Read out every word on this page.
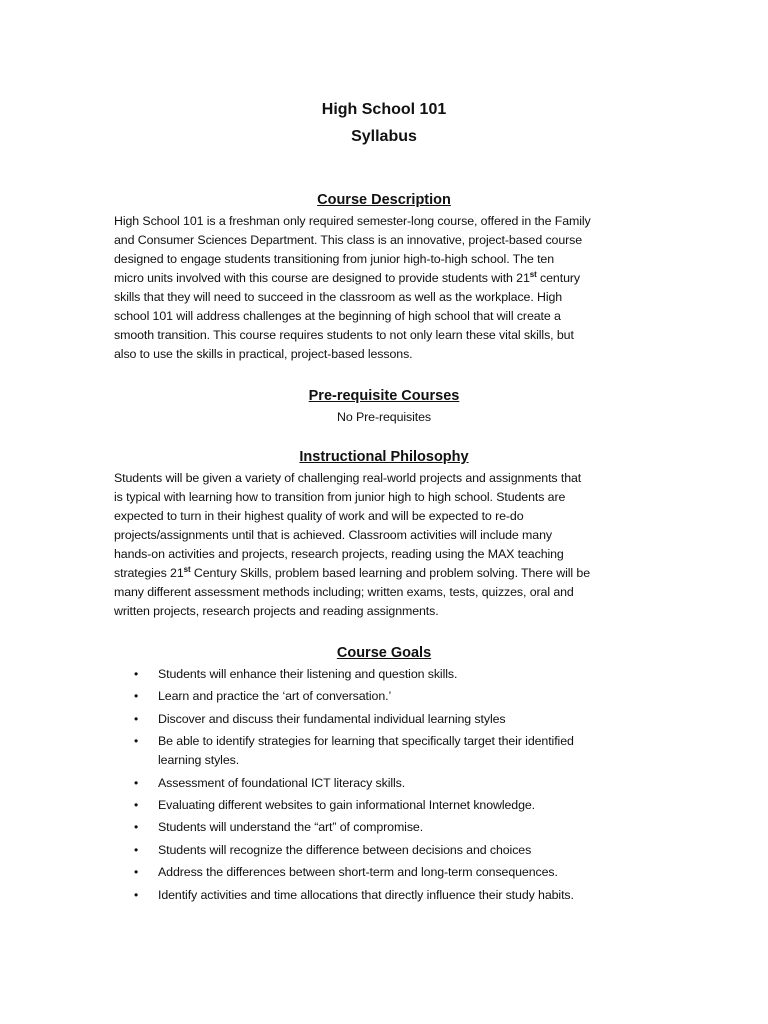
High School 101

Syllabus

Course Description

High School 101 is a freshman only required semester-long course, offered in the Family
and Consumer Sciences Department. This class is an innovative, project-based course
designed to engage students transitioning from junior high-to-high school. The ten
micro units involved with this course are designed to provide students with 21st century
skills that they will need to succeed in the classroom as well as the workplace. High
school 101 will address challenges at the beginning of high school that will create a
smooth transition. This course requires students to not only learn these vital skills, but
also to use the skills in practical, project-based lessons.

Pre-requisite Courses

No Pre-requisites

Instructional Philosophy

Students will be given a variety of challenging real-world projects and assignments that
is typical with learning how to transition from junior high to high school. Students are
expected to turn in their highest quality of work and will be expected to re-do
projects/assignments until that is achieved. Classroom activities will include many
hands-on activities and projects, research projects, reading using the MAX teaching
strategies 21st Century Skills, problem based learning and problem solving. There will be
many different assessment methods including; written exams, tests, quizzes, oral and
written projects, research projects and reading assignments.

Course Goals

• Students will enhance their listening and question skills.
• Learn and practice the ‘art of conversation.’
• Discover and discuss their fundamental individual learning styles
• Be able to identify strategies for learning that specifically target their identified
learning styles.
• Assessment of foundational ICT literacy skills.
• Evaluating different websites to gain informational Internet knowledge.
• Students will understand the “art” of compromise.
• Students will recognize the difference between decisions and choices
• Address the differences between short-term and long-term consequences.
• Identify activities and time allocations that directly influence their study habits.
